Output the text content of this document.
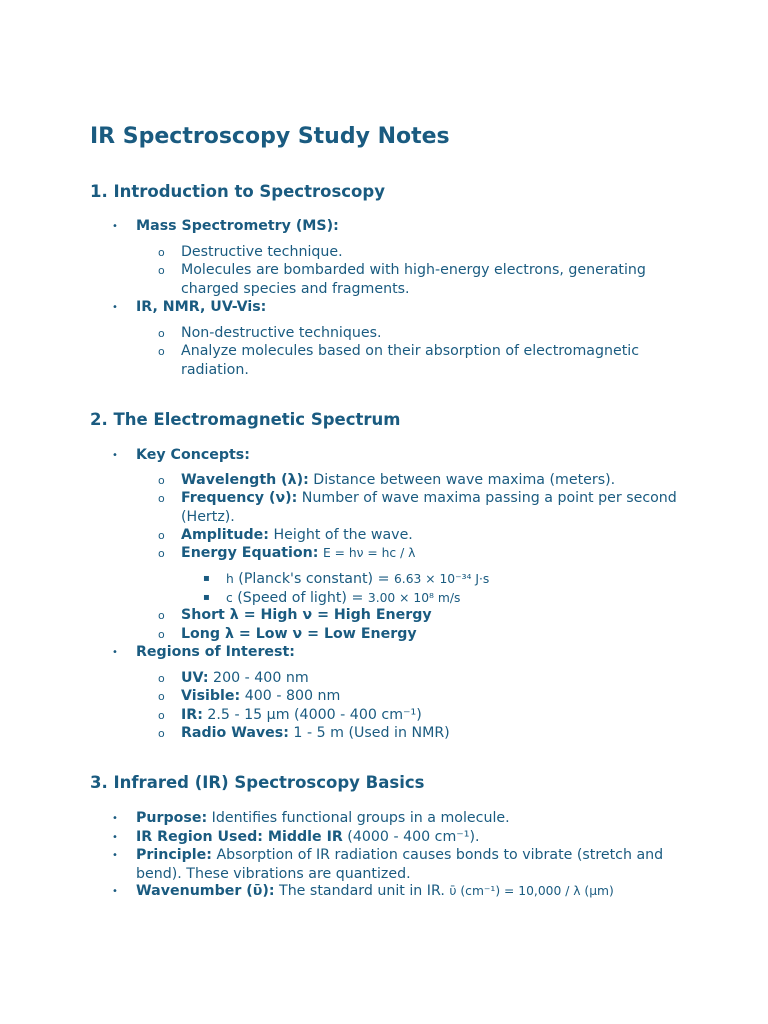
IR Spectroscopy Study Notes
1. Introduction to Spectroscopy
• Mass Spectrometry (MS):
o Destructive technique.
o Molecules are bombarded with high-energy electrons, generating charged species and fragments.
• IR, NMR, UV-Vis:
o Non-destructive techniques.
o Analyze molecules based on their absorption of electromagnetic radiation.
2. The Electromagnetic Spectrum
• Key Concepts:
o Wavelength (λ): Distance between wave maxima (meters).
o Frequency (ν): Number of wave maxima passing a point per second (Hertz).
o Amplitude: Height of the wave.
o Energy Equation: E = hν = hc / λ
▪ h (Planck's constant) = 6.63 × 10⁻³⁴ J·s
▪ c (Speed of light) = 3.00 × 10⁸ m/s
o Short λ = High ν = High Energy
o Long λ = Low ν = Low Energy
• Regions of Interest:
o UV: 200 - 400 nm
o Visible: 400 - 800 nm
o IR: 2.5 - 15 µm (4000 - 400 cm⁻¹)
o Radio Waves: 1 - 5 m (Used in NMR)
3. Infrared (IR) Spectroscopy Basics
• Purpose: Identifies functional groups in a molecule.
• IR Region Used: Middle IR (4000 - 400 cm⁻¹).
• Principle: Absorption of IR radiation causes bonds to vibrate (stretch and bend). These vibrations are quantized.
• Wavenumber (ῡ): The standard unit in IR. ῡ (cm⁻¹) = 10,000 / λ (µm)
